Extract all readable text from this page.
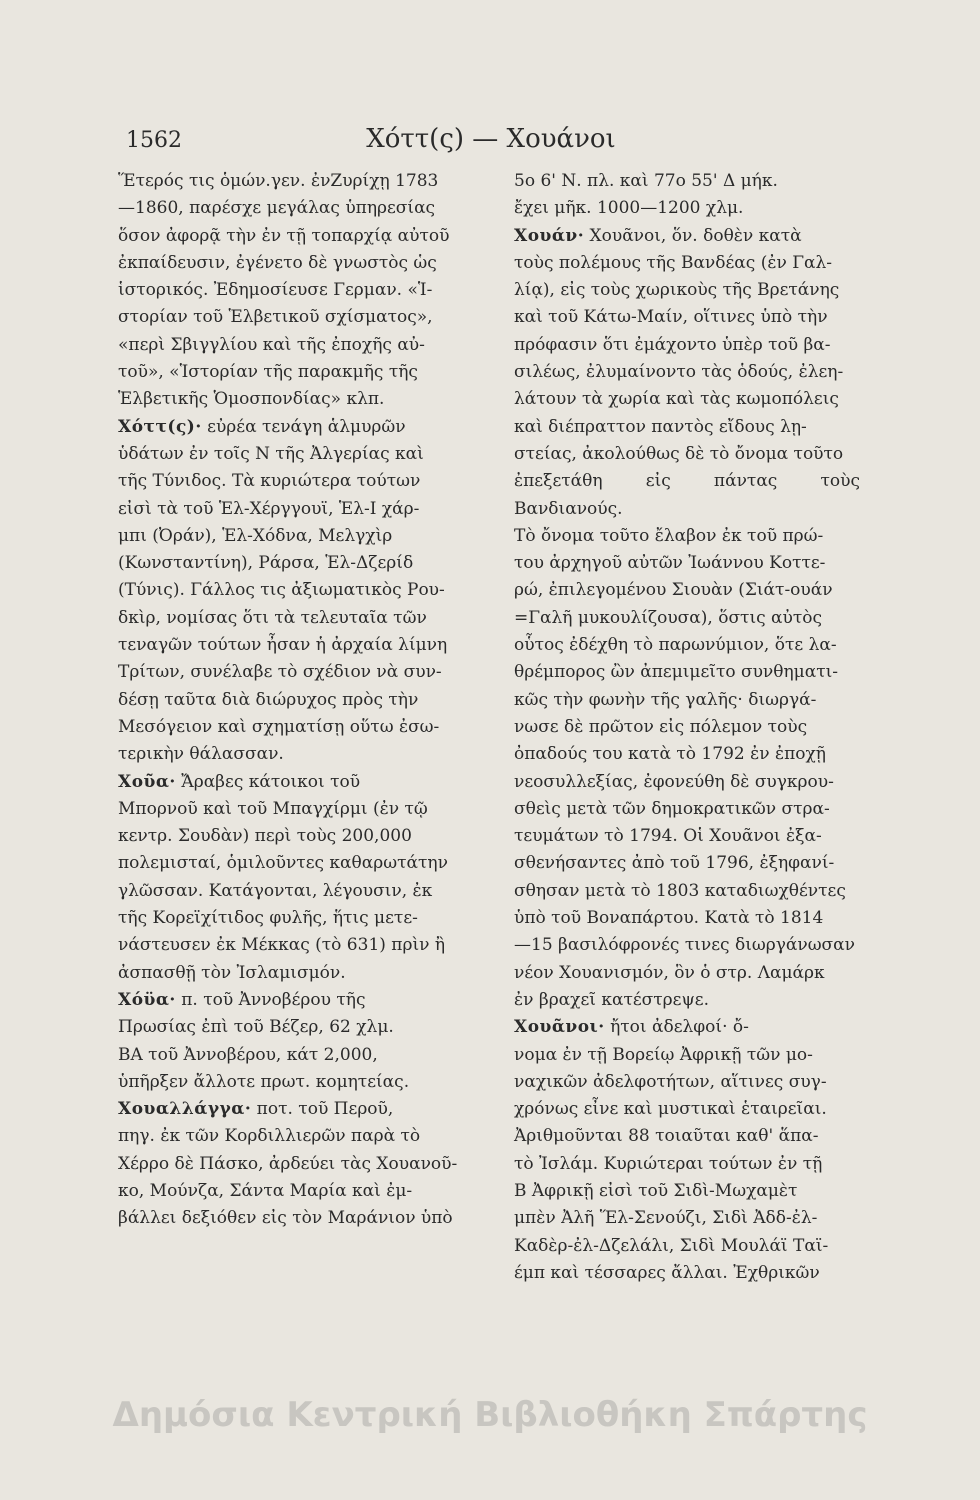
1562	Χόττ(ς) — Χουάνοι
Ἕτερός τις ὁμών.γεν. ἐνΖυρίχῃ 1783
—1860, παρέσχε μεγάλας ὑπηρεσίας
ὅσον ἀφορᾷ τὴν ἐν τῇ τοπαρχίᾳ αὐτοῦ
ἐκπαίδευσιν, ἐγένετο δὲ γνωστὸς ὡς
ἱστορικός. Ἐδημοσίευσε Γερμαν. «Ἱ-
στορίαν τοῦ Ἑλβετικοῦ σχίσματος»,
«περὶ Σβιγγλίου καὶ τῆς ἐποχῆς αὐ-
τοῦ», «Ἱστορίαν τῆς παρακμῆς τῆς
Ἑλβετικῆς Ὁμοσπονδίας» κλπ.
Χόττ(ς)· εὐρέα τενάγη ἁλμυρῶν
ὑδάτων ἐν τοῖς Ν τῆς Ἀλγερίας καὶ
τῆς Τύνιδος. Τὰ κυριώτερα τούτων
εἰσὶ τὰ τοῦ Ἑλ-Χέργγουϊ, Ἑλ-Ι χάρ-
μπι (Ὀράν), Ἑλ-Χόδνα, Μελγχὶρ
(Κωνσταντίνη), Ράρσα, Ἑλ-Δζερίδ
(Τύνις). Γάλλος τις ἀξιωματικὸς Ρου-
δκὶρ, νομίσας ὅτι τὰ τελευταῖα τῶν
τεναγῶν τούτων ἦσαν ἡ ἀρχαία λίμνη
Τρίτων, συνέλαβε τὸ σχέδιον νὰ συν-
δέσῃ ταῦτα διὰ διώρυχος πρὸς τὴν
Μεσόγειον καὶ σχηματίσῃ οὕτω ἐσω-
τερικὴν θάλασσαν.
Χοῦα· Ἄραβες κάτοικοι τοῦ
Μπορνοῦ καὶ τοῦ Μπαγχίρμι (ἐν τῷ
κεντρ. Σουδὰν) περὶ τοὺς 200,000
πολεμισταί, ὁμιλοῦντες καθαρωτάτην
γλῶσσαν. Κατάγονται, λέγουσιν, ἐκ
τῆς Κορεϊχίτιδος φυλῆς, ἥτις μετε-
νάστευσεν ἐκ Μέκκας (τὸ 631) πρὶν ἢ
ἀσπασθῇ τὸν Ἰσλαμισμόν.
Χόϋα· π. τοῦ Ἀννοβέρου τῆς
Πρωσίας ἐπὶ τοῦ Βέζερ, 62 χλμ.
ΒΑ τοῦ Ἀννοβέρου, κάτ 2,000,
ὑπῆρξεν ἄλλοτε πρωτ. κομητείας.
Χουαλλάγγα· ποτ. τοῦ Περοῦ,
πηγ. ἐκ τῶν Κορδιλλιερῶν παρὰ τὸ
Χέρρο δὲ Πάσκο, ἀρδεύει τὰς Χουανοῦ-
κο, Μούνζα, Σάντα Μαρία καὶ ἐμ-
βάλλει δεξιόθεν εἰς τὸν Μαράνιον ὑπὸ
5ο 6' Ν. πλ. καὶ 77ο 55' Δ μήκ.
ἔχει μῆκ. 1000—1200 χλμ.
Χουάν· Χουᾶνοι, ὅν. δοθὲν κατὰ
τοὺς πολέμους τῆς Βανδέας (ἐν Γαλ-
λίᾳ), εἰς τοὺς χωρικοὺς τῆς Βρετάνης
καὶ τοῦ Κάτω-Μαίν, οἵτινες ὑπὸ τὴν
πρόφασιν ὅτι ἐμάχοντο ὑπὲρ τοῦ βα-
σιλέως, ἐλυμαίνοντο τὰς ὁδούς, ἐλεη-
λάτουν τὰ χωρία καὶ τὰς κωμοπόλεις
καὶ διέπραττον παντὸς εἴδους λῃ-
στείας, ἀκολούθως δὲ τὸ ὄνομα τοῦτο
ἐπεξετάθη εἰς πάντας τοὺς Βανδιανούς.
Τὸ ὄνομα τοῦτο ἔλαβον ἐκ τοῦ πρώ-
του ἀρχηγοῦ αὐτῶν Ἰωάννου Κοττε-
ρώ, ἐπιλεγομένου Σιουὰν (Σιάτ-ουάν
=Γαλῆ μυκουλίζουσα), ὅστις αὐτὸς
οὗτος ἐδέχθη τὸ παρωνύμιον, ὅτε λα-
θρέμπορος ὢν ἀπεμιμεῖτο συνθηματι-
κῶς τὴν φωνὴν τῆς γαλῆς· διωργά-
νωσε δὲ πρῶτον εἰς πόλεμον τοὺς
ὀπαδούς του κατὰ τὸ 1792 ἐν ἐποχῇ
νεοσυλλεξίας, ἐφονεύθη δὲ συγκρου-
σθεὶς μετὰ τῶν δημοκρατικῶν στρα-
τευμάτων τὸ 1794. Οἱ Χουᾶνοι ἐξα-
σθενήσαντες ἀπὸ τοῦ 1796, ἐξηφανί-
σθησαν μετὰ τὸ 1803 καταδιωχθέντες
ὑπὸ τοῦ Βοναπάρτου. Κατὰ τὸ 1814
—15 βασιλόφρονές τινες διωργάνωσαν
νέον Χουανισμόν, ὃν ὁ στρ. Λαμάρκ
ἐν βραχεῖ κατέστρεψε.
Χουᾶνοι· ἤτοι ἀδελφοί· ὄ-
νομα ἐν τῇ Βορείῳ Ἀφρικῇ τῶν μο-
ναχικῶν ἀδελφοτήτων, αἵτινες συγ-
χρόνως εἶνε καὶ μυστικαὶ ἑταιρεῖαι.
Ἀριθμοῦνται 88 τοιαῦται καθ' ἅπα-
τὸ Ἰσλάμ. Κυριώτεραι τούτων ἐν τῇ
Β Ἀφρικῇ εἰσὶ τοῦ Σιδὶ-Μωχαμὲτ
μπὲν Ἀλῆ Ἕλ-Σενούζι, Σιδὶ Ἀδδ-ἐλ-
Καδὲρ-ἐλ-Δζελάλι, Σιδὶ Μουλάϊ Ταϊ-
έμπ καὶ τέσσαρες ἄλλαι. Ἐχθρικῶν
Δημόσια Κεντρική Βιβλιοθήκη Σπάρτης
